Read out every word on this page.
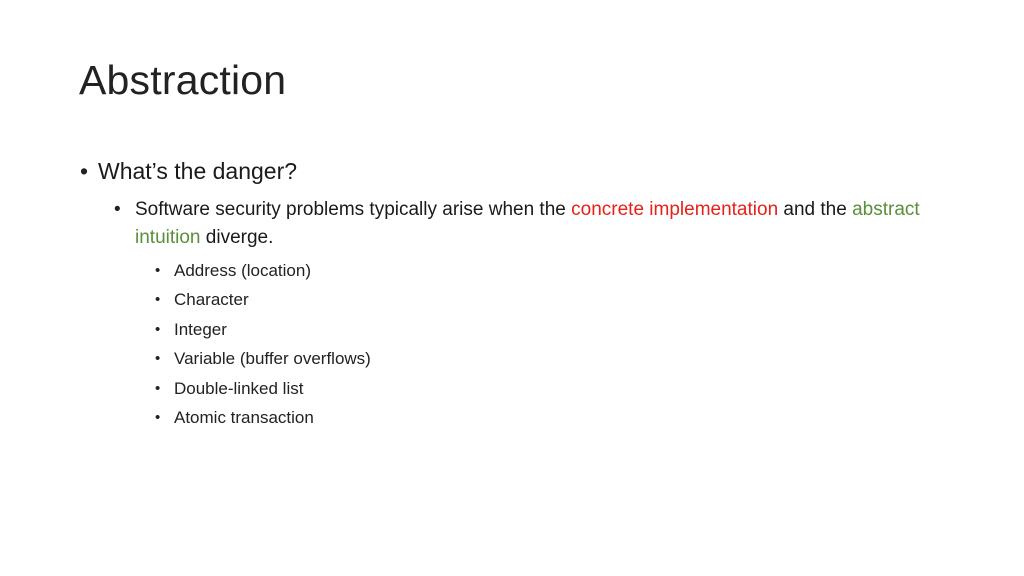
Abstraction
• What’s the danger?
• Software security problems typically arise when the concrete implementation and the abstract intuition diverge.
• Address (location)
• Character
• Integer
• Variable (buffer overflows)
• Double-linked list
• Atomic transaction
